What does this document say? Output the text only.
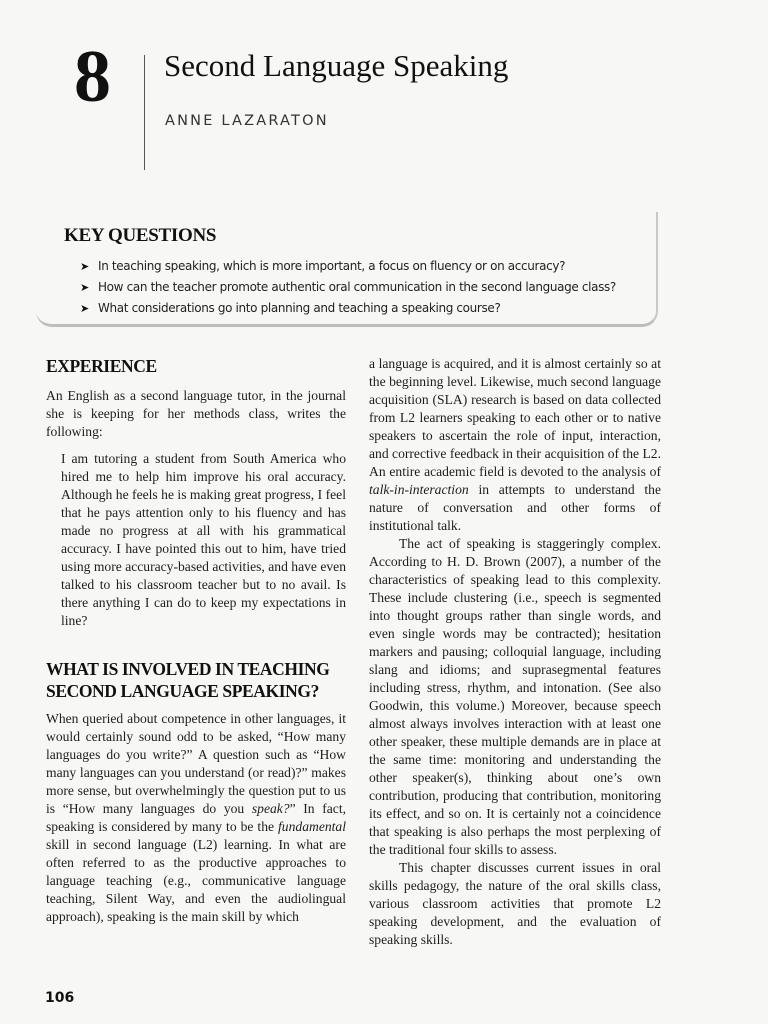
8 Second Language Speaking
ANNE LAZARATON
KEY QUESTIONS
➤ In teaching speaking, which is more important, a focus on fluency or on accuracy?
➤ How can the teacher promote authentic oral communication in the second language class?
➤ What considerations go into planning and teaching a speaking course?
EXPERIENCE

An English as a second language tutor, in the journal she is keeping for her methods class, writes the following:

I am tutoring a student from South America who hired me to help him improve his oral accuracy. Although he feels he is making great progress, I feel that he pays attention only to his fluency and has made no progress at all with his grammatical accuracy. I have pointed this out to him, have tried using more accuracy-based activities, and have even talked to his classroom teacher but to no avail. Is there anything I can do to keep my expectations in line?

WHAT IS INVOLVED IN TEACHING SECOND LANGUAGE SPEAKING?

When queried about competence in other languages, it would certainly sound odd to be asked, “How many languages do you write?” A question such as “How many languages can you understand (or read)?” makes more sense, but overwhelmingly the question put to us is “How many languages do you speak?” In fact, speaking is considered by many to be the fundamental skill in second language (L2) learning. In what are often referred to as the productive approaches to language teaching (e.g., communicative language teaching, Silent Way, and even the audiolingual approach), speaking is the main skill by which

a language is acquired, and it is almost certainly so at the beginning level. Likewise, much second language acquisition (SLA) research is based on data collected from L2 learners speaking to each other or to native speakers to ascertain the role of input, interaction, and corrective feedback in their acquisition of the L2. An entire academic field is devoted to the analysis of talk-in-interaction in attempts to understand the nature of conversation and other forms of institutional talk.

The act of speaking is staggeringly complex. According to H. D. Brown (2007), a number of the characteristics of speaking lead to this complexity. These include clustering (i.e., speech is segmented into thought groups rather than single words, and even single words may be contracted); hesitation markers and pausing; colloquial language, including slang and idioms; and suprasegmental features including stress, rhythm, and intonation. (See also Goodwin, this volume.) Moreover, because speech almost always involves interaction with at least one other speaker, these multiple demands are in place at the same time: monitoring and understanding the other speaker(s), thinking about one’s own contribution, producing that contribution, monitoring its effect, and so on. It is certainly not a coincidence that speaking is also perhaps the most perplexing of the traditional four skills to assess.

This chapter discusses current issues in oral skills pedagogy, the nature of the oral skills class, various classroom activities that promote L2 speaking development, and the evaluation of speaking skills.

106
